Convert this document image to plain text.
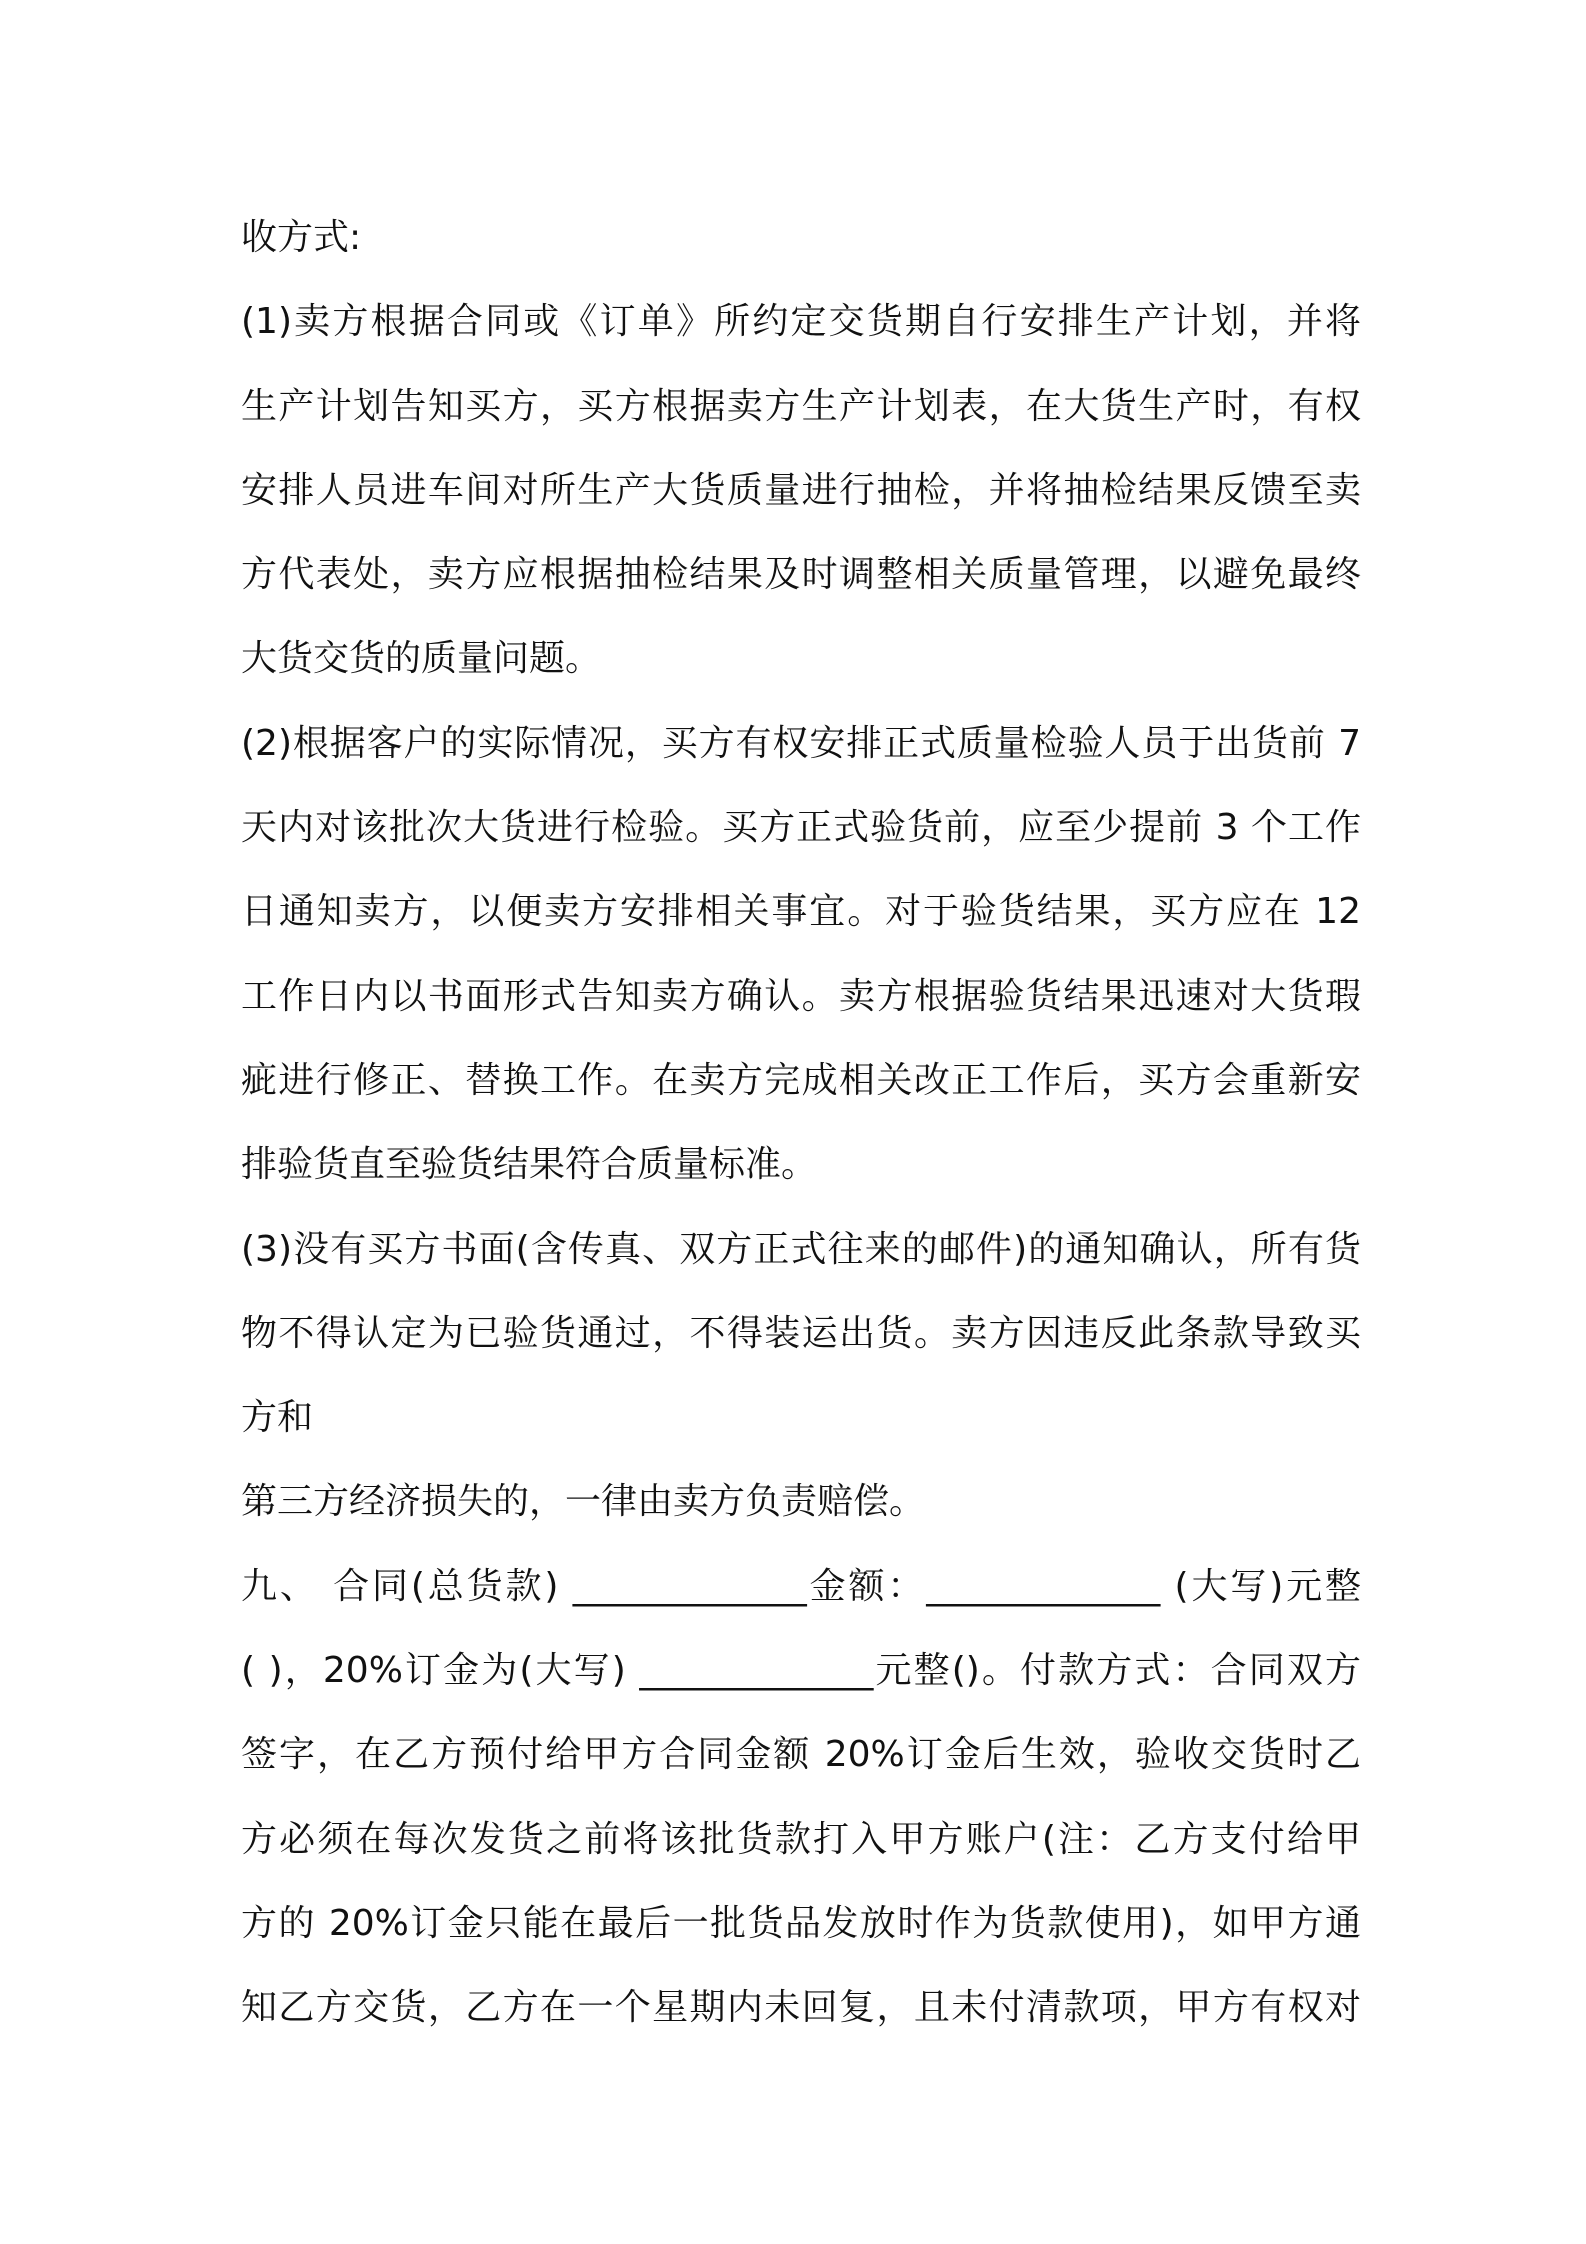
收方式:
(1)卖方根据合同或《订单》所约定交货期自行安排生产计划，并将
生产计划告知买方，买方根据卖方生产计划表，在大货生产时，有权
安排人员进车间对所生产大货质量进行抽检，并将抽检结果反馈至卖
方代表处，卖方应根据抽检结果及时调整相关质量管理，以避免最终
大货交货的质量问题。
(2)根据客户的实际情况，买方有权安排正式质量检验人员于出货前 7
天内对该批次大货进行检验。买方正式验货前，应至少提前 3 个工作
日通知卖方，以便卖方安排相关事宜。对于验货结果，买方应在 12
工作日内以书面形式告知卖方确认。卖方根据验货结果迅速对大货瑕
疵进行修正、替换工作。在卖方完成相关改正工作后，买方会重新安
排验货直至验货结果符合质量标准。
(3)没有买方书面(含传真、双方正式往来的邮件)的通知确认，所有货
物不得认定为已验货通过，不得装运出货。卖方因违反此条款导致买
方和
第三方经济损失的，一律由卖方负责赔偿。
九、 合同(总货款) _____________金额：_____________ (大写)元整
( )，20%订金为(大写) _____________元整()。付款方式：合同双方
签字，在乙方预付给甲方合同金额 20%订金后生效，验收交货时乙
方必须在每次发货之前将该批货款打入甲方账户(注：乙方支付给甲
方的 20%订金只能在最后一批货品发放时作为货款使用)，如甲方通
知乙方交货，乙方在一个星期内未回复，且未付清款项，甲方有权对
